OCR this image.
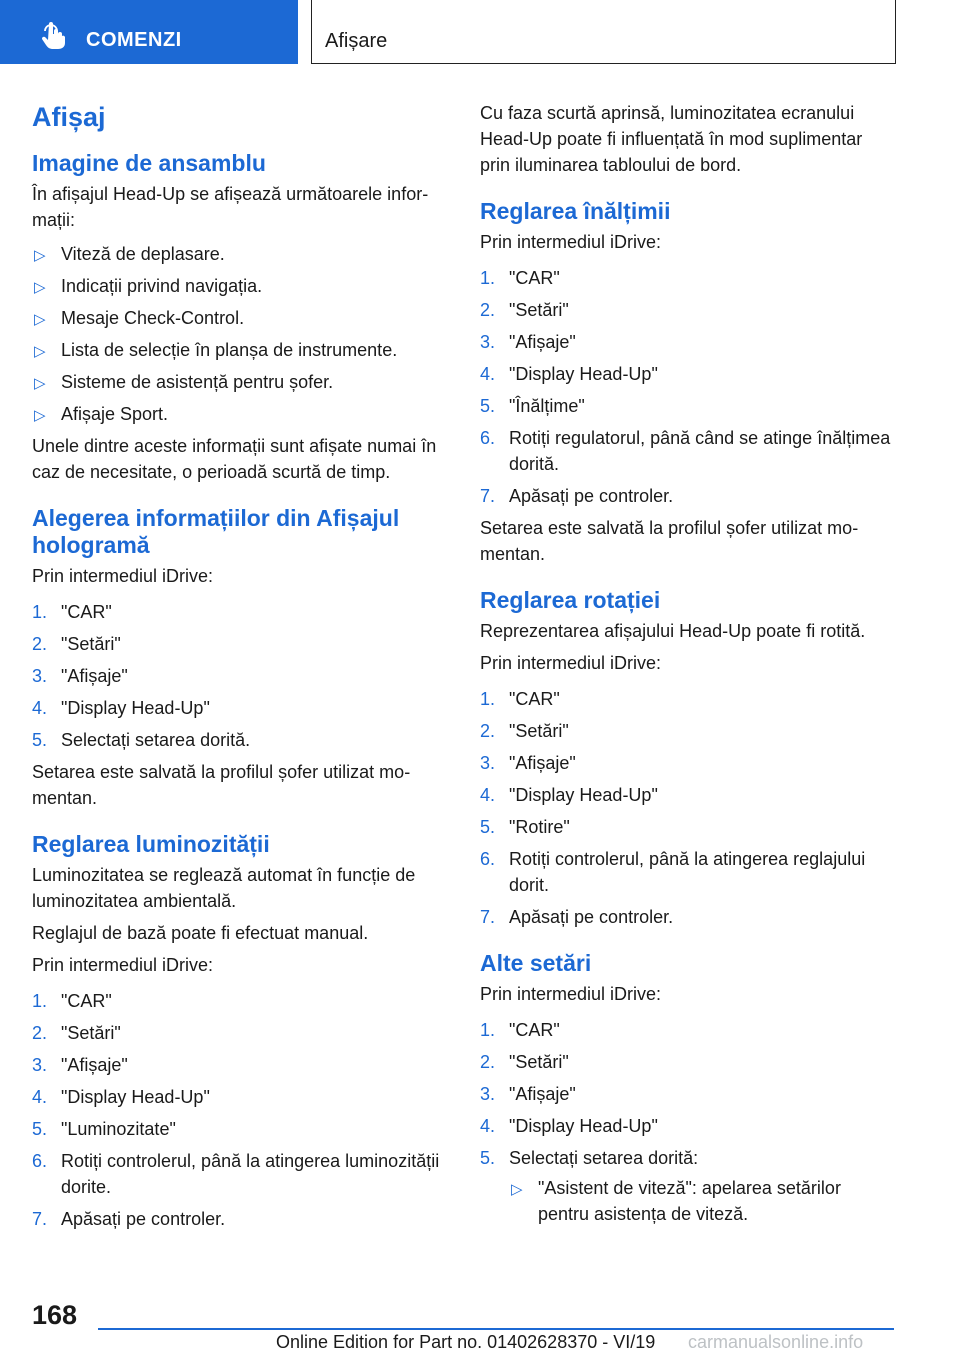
COMENZI	Afișare
Afișaj
Imagine de ansamblu

În afișajul Head-Up se afișează următoarele informații:

▷ Viteză de deplasare.
▷ Indicații privind navigația.
▷ Mesaje Check-Control.
▷ Lista de selecție în planșa de instrumente.
▷ Sisteme de asistență pentru șofer.
▷ Afișaje Sport.

Unele dintre aceste informații sunt afișate numai în caz de necesitate, o perioadă scurtă de timp.

Alegerea informațiilor din Afișajul hologramă

Prin intermediul iDrive:

1. "CAR"
2. "Setări"
3. "Afișaje"
4. "Display Head-Up"
5. Selectați setarea dorită.

Setarea este salvată la profilul șofer utilizat momentan.

Reglarea luminozității

Luminozitatea se reglează automat în funcție de luminozitatea ambientală.

Reglajul de bază poate fi efectuat manual.

Prin intermediul iDrive:

1. "CAR"
2. "Setări"
3. "Afișaje"
4. "Display Head-Up"
5. "Luminozitate"
6. Rotiți controlerul, până la atingerea luminozității dorite.
7. Apăsați pe controler.

Cu faza scurtă aprinsă, luminozitatea ecranului Head-Up poate fi influențată în mod suplimentar prin iluminarea tabloului de bord.

Reglarea înălțimii

Prin intermediul iDrive:

1. "CAR"
2. "Setări"
3. "Afișaje"
4. "Display Head-Up"
5. "Înălțime"
6. Rotiți regulatorul, până când se atinge înălțimea dorită.
7. Apăsați pe controler.

Setarea este salvată la profilul șofer utilizat momentan.

Reglarea rotației

Reprezentarea afișajului Head-Up poate fi rotită.

Prin intermediul iDrive:

1. "CAR"
2. "Setări"
3. "Afișaje"
4. "Display Head-Up"
5. "Rotire"
6. Rotiți controlerul, până la atingerea reglajului dorit.
7. Apăsați pe controler.
Alte setări

Prin intermediul iDrive:

1. "CAR"
2. "Setări"
3. "Afișaje"
4. "Display Head-Up"
5. Selectați setarea dorită:
▷ "Asistent de viteză": apelarea setărilor pentru asistența de viteză.
168
Online Edition for Part no. 01402628370 - VI/19 carmanualsonline.info
